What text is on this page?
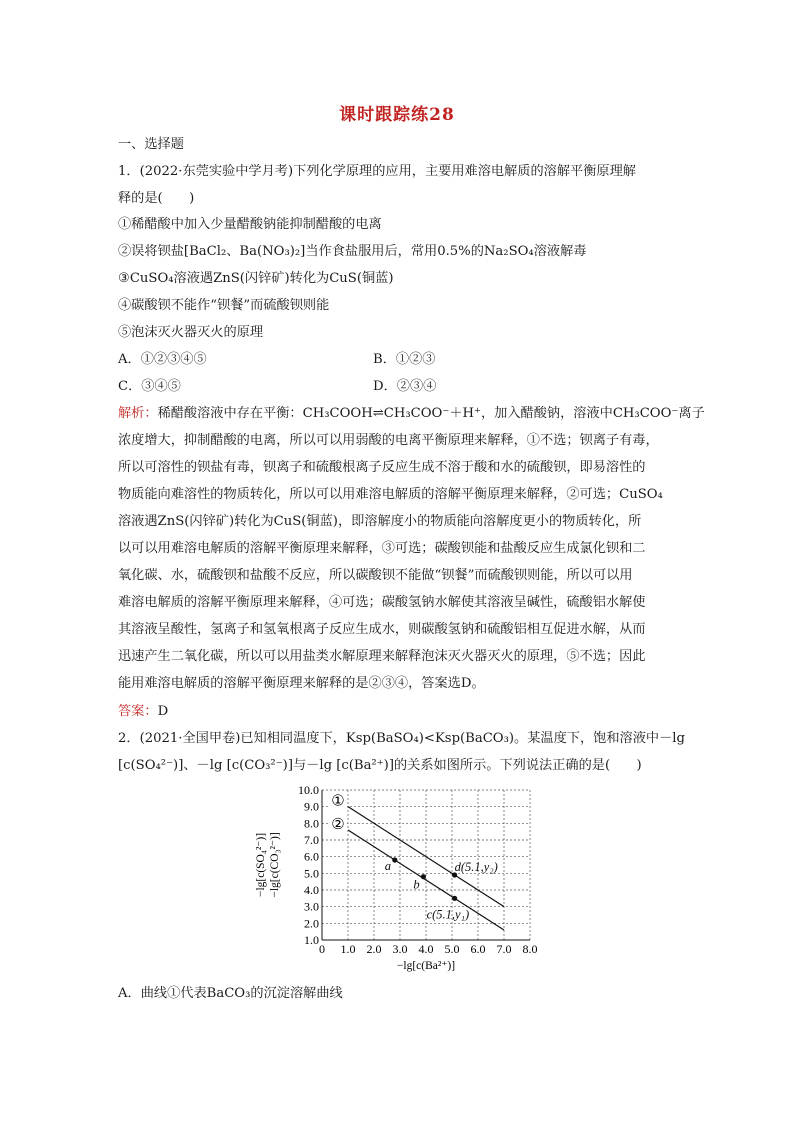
课时跟踪练28
一、选择题
1．(2022·东莞实验中学月考)下列化学原理的应用，主要用难溶电解质的溶解平衡原理解
释的是(　　)
①稀醋酸中加入少量醋酸钠能抑制醋酸的电离
②误将钡盐[BaCl₂、Ba(NO₃)₂]当作食盐服用后，常用0.5%的Na₂SO₄溶液解毒
③CuSO₄溶液遇ZnS(闪锌矿)转化为CuS(铜蓝)
④碳酸钡不能作“钡餐”而硫酸钡则能
⑤泡沫灭火器灭火的原理
A．①②③④⑤	B．①②③
C．③④⑤	D．②③④
解析：稀醋酸溶液中存在平衡：CH₃COOH⇌CH₃COO⁻＋H⁺，加入醋酸钠，溶液中CH₃COO⁻离子
浓度增大，抑制醋酸的电离，所以可以用弱酸的电离平衡原理来解释，①不选；钡离子有毒，
所以可溶性的钡盐有毒，钡离子和硫酸根离子反应生成不溶于酸和水的硫酸钡，即易溶性的
物质能向难溶性的物质转化，所以可以用难溶电解质的溶解平衡原理来解释，②可选；CuSO₄
溶液遇ZnS(闪锌矿)转化为CuS(铜蓝)，即溶解度小的物质能向溶解度更小的物质转化，所
以可以用难溶电解质的溶解平衡原理来解释，③可选；碳酸钡能和盐酸反应生成氯化钡和二
氧化碳、水，硫酸钡和盐酸不反应，所以碳酸钡不能做“钡餐”而硫酸钡则能，所以可以用
难溶电解质的溶解平衡原理来解释，④可选；碳酸氢钠水解使其溶液呈碱性，硫酸铝水解使
其溶液呈酸性，氢离子和氢氧根离子反应生成水，则碳酸氢钠和硫酸铝相互促进水解，从而
迅速产生二氧化碳，所以可以用盐类水解原理来解释泡沫灭火器灭火的原理，⑤不选；因此
能用难溶电解质的溶解平衡原理来解释的是②③④，答案选D。
答案：D
2．(2021·全国甲卷)已知相同温度下，Ksp(BaSO₄)<Ksp(BaCO₃)。某温度下，饱和溶液中－lg
[c(SO₄²⁻)]、－lg [c(CO₃²⁻)]与－lg [c(Ba²⁺)]的关系如图所示。下列说法正确的是(　　)
0 1.0 2.0 3.0 4.0 5.0 6.0 7.0 8.0
1.0
2.0
3.0
4.0
5.0
6.0
7.0
8.0
9.0
10.0
−lg[c(Ba²⁺)]
−lg[c(SO₄²⁻)] −lg[c(CO₃²⁻)]
①
②
a
b
c(5.1,y₁)
d(5.1,y₂)
A．曲线①代表BaCO₃的沉淀溶解曲线
